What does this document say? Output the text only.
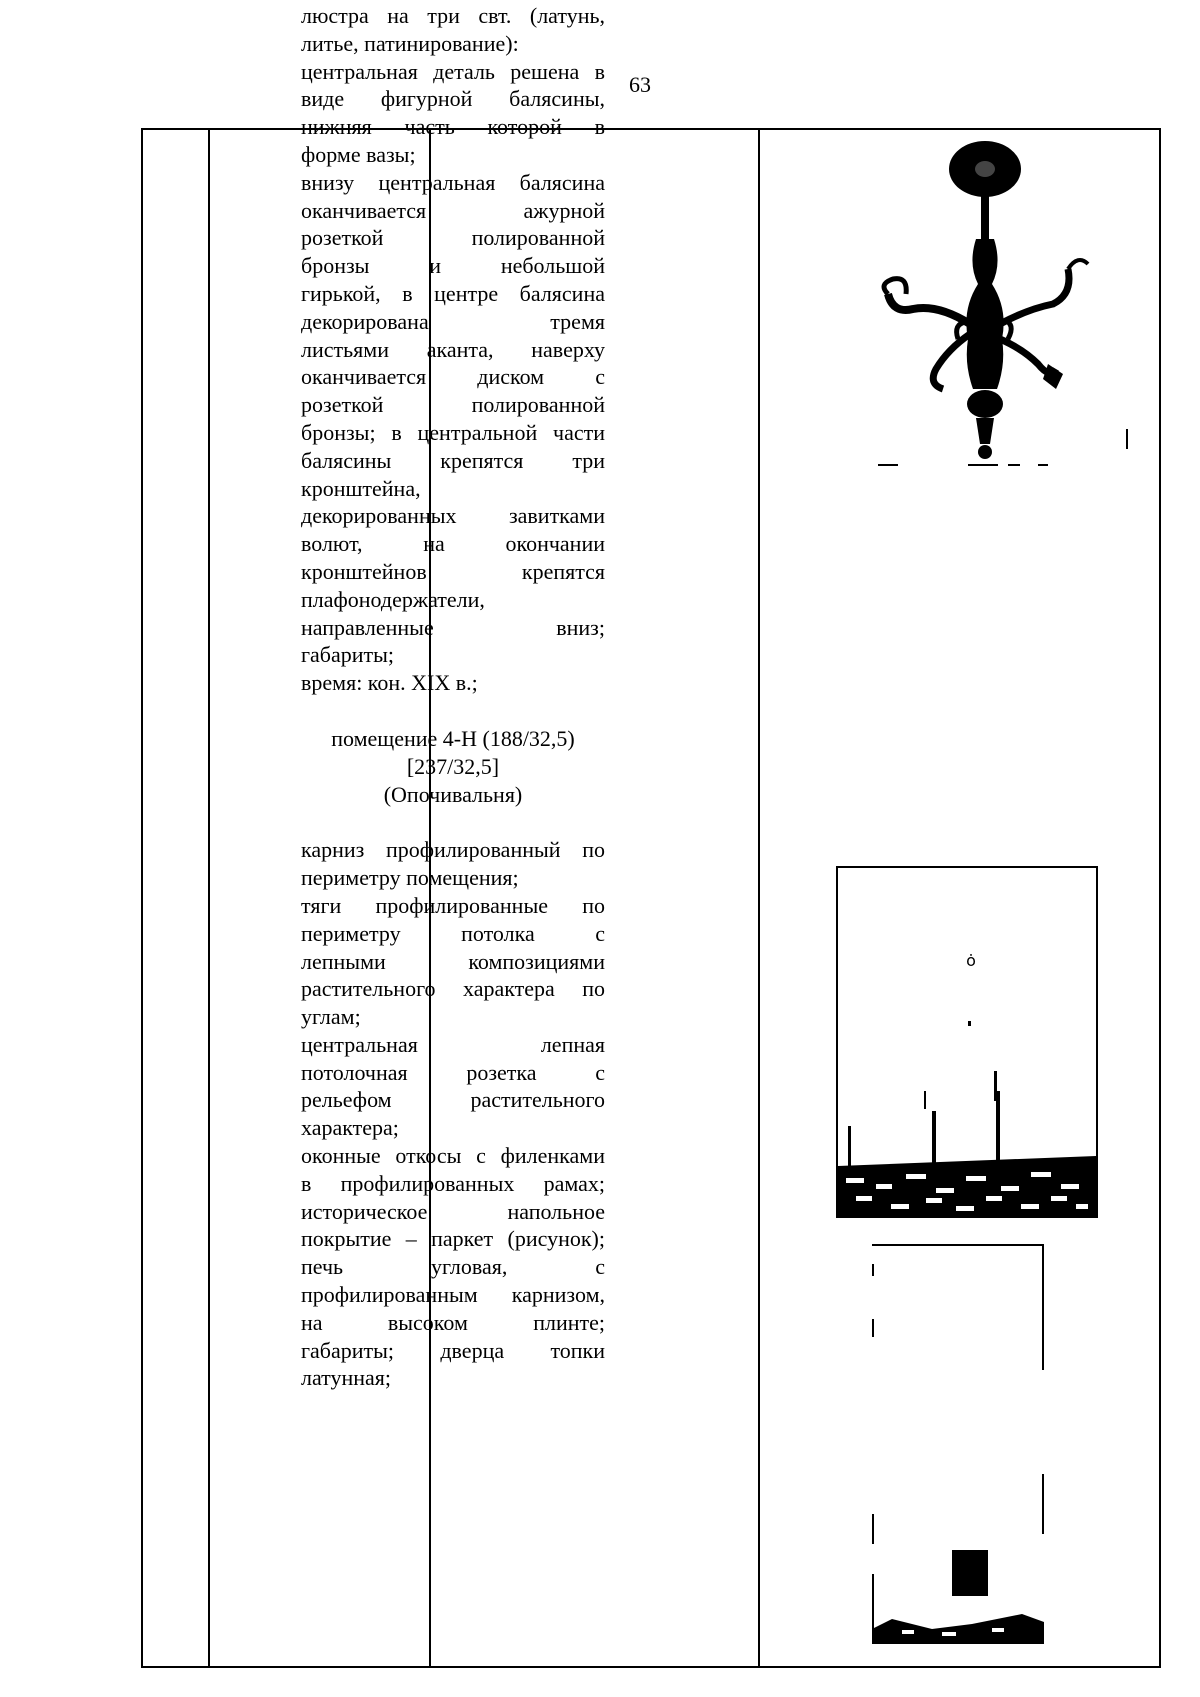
63

люстра на три свт. (латунь,

литье, патинирование):

центральная деталь решена в

виде фигурной балясины,

нижняя часть которой в

форме вазы;

внизу центральная балясина

оканчивается ажурной

розеткой полированной

бронзы и небольшой

гирькой, в центре балясина

декорирована тремя

листьями аканта, наверху

оканчивается диском с

розеткой полированной

бронзы; в центральной части

балясины крепятся три

кронштейна,

декорированных завитками

волют, на окончании

кронштейнов крепятся

плафонодержатели,

направленные вниз;

габариты;

время: кон. XIX в.;

помещение 4-Н (188/32,5)
[237/32,5]
(Опочивальня)

карниз профилированный по

периметру помещения;

тяги профилированные по

периметру потолка с

лепными композициями

растительного характера по

углам;

центральная лепная

потолочная розетка с

рельефом растительного

характера;

оконные откосы с филенками

в профилированных рамах;

историческое напольное

покрытие – паркет (рисунок);

печь угловая, с

профилированным карнизом,

на высоком плинте;

габариты; дверца топки

латунная;

ȯ
